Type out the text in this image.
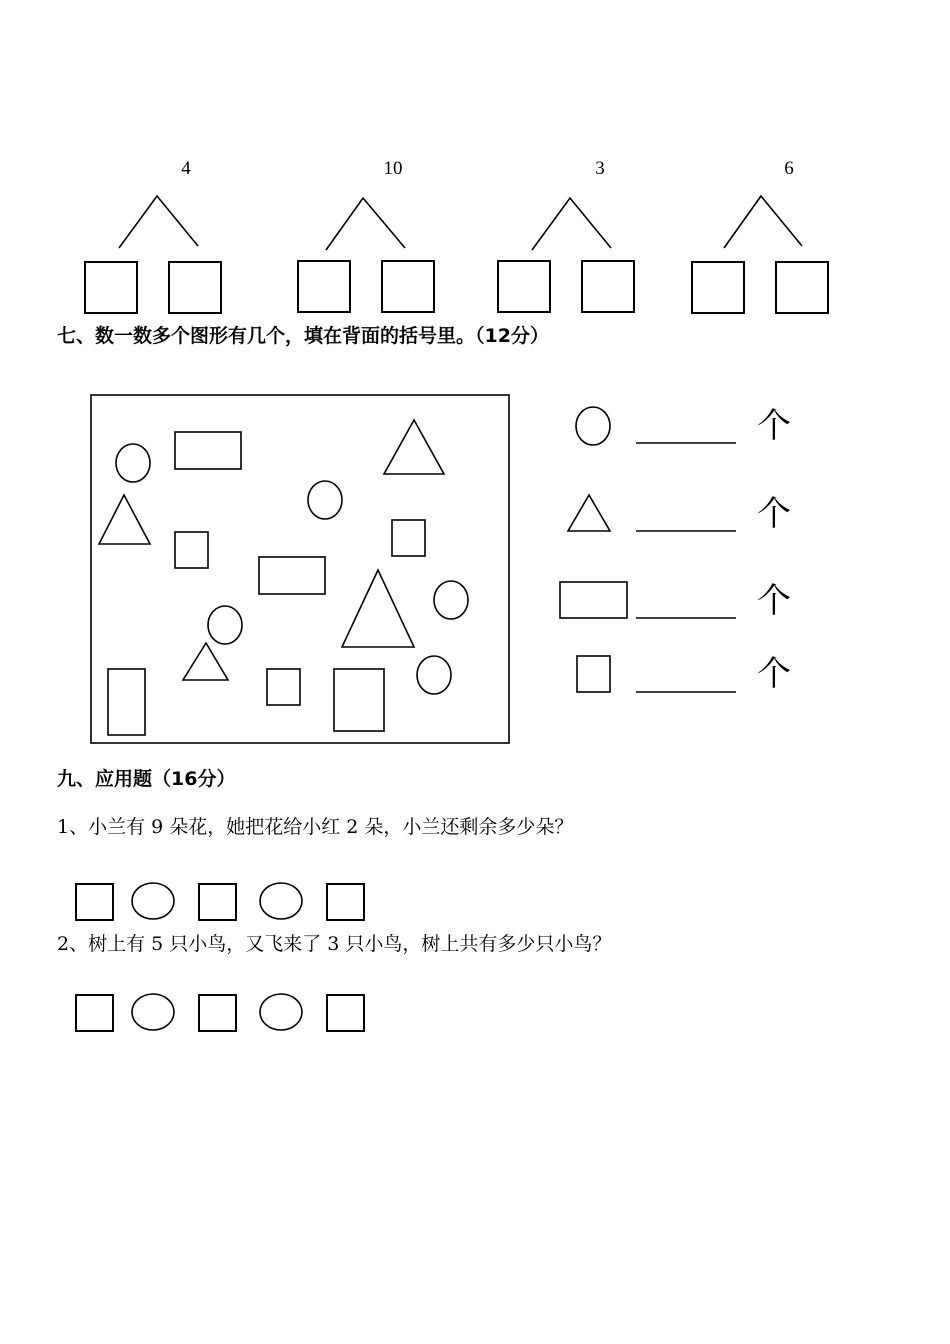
4	10	3	6
七、数一数多个图形有几个，填在背面的括号里。（12分）
个
个
个
个
九、应用题（16分）
1、小兰有 9 朵花，她把花给小红 2 朵，小兰还剩余多少朵？
2、树上有 5 只小鸟，又飞来了 3 只小鸟，树上共有多少只小鸟？
